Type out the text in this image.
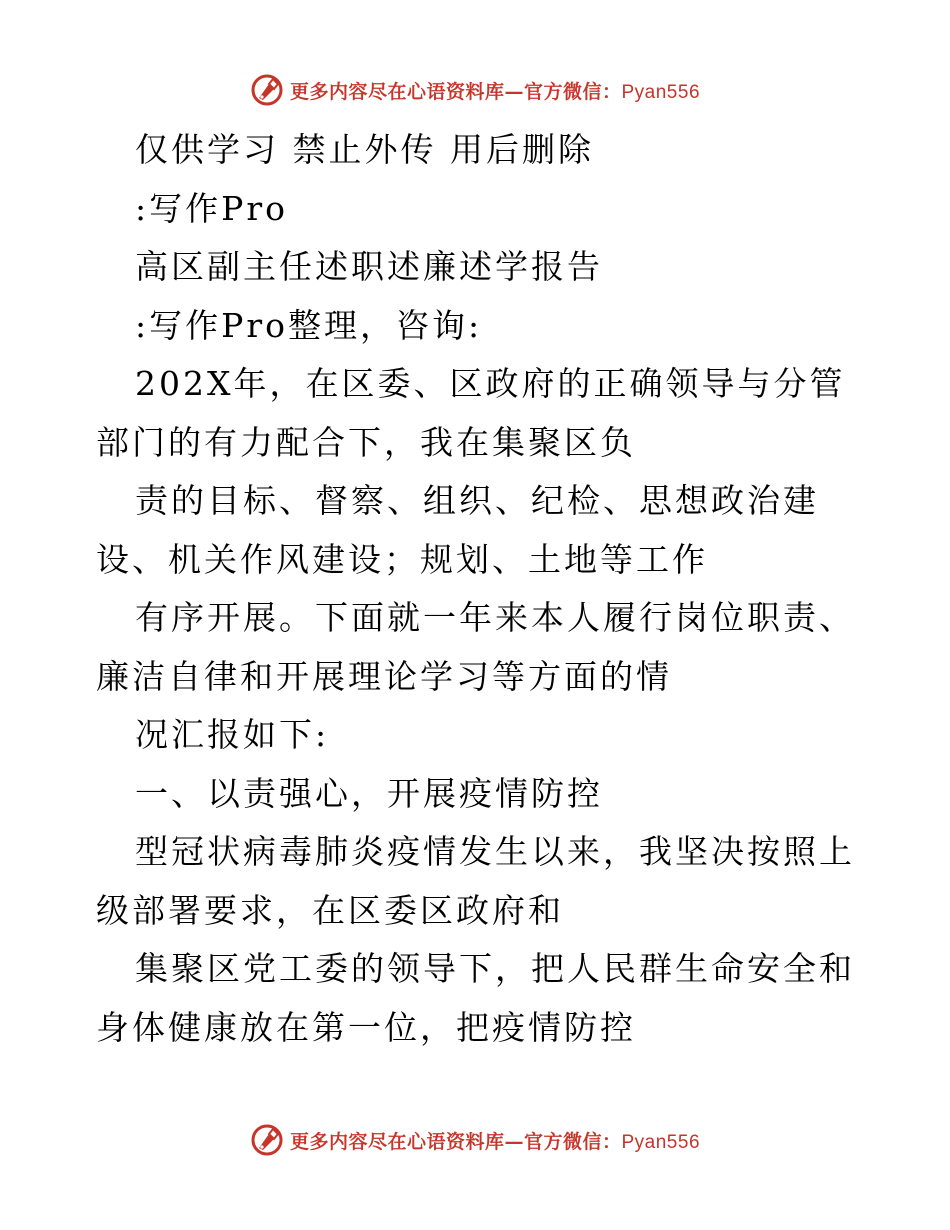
更多内容尽在心语资料库—官方微信：Pyan556

仅供学习 禁止外传 用后删除

:写作Pro

高区副主任述职述廉述学报告

:写作Pro整理，咨询:

202X年，在区委、区政府的正确领导与分管部门的有力配合下，我在集聚区负

责的目标、督察、组织、纪检、思想政治建设、机关作风建设；规划、土地等工作

有序开展。下面就一年来本人履行岗位职责、廉洁自律和开展理论学习等方面的情

况汇报如下:

一、以责强心，开展疫情防控

型冠状病毒肺炎疫情发生以来，我坚决按照上级部署要求，在区委区政府和

集聚区党工委的领导下，把人民群生命安全和身体健康放在第一位，把疫情防控

更多内容尽在心语资料库—官方微信：Pyan556
